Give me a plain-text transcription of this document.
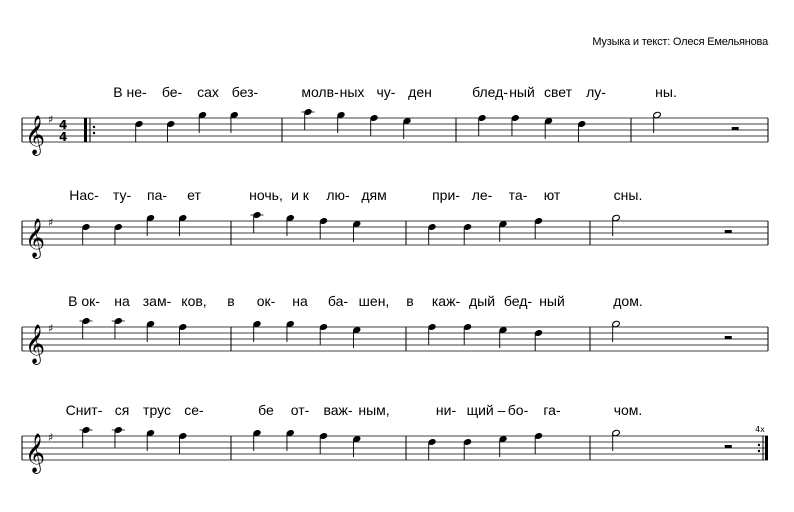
Музыка и текст: Олеся Емельянова
В не- бе- сах без-	молв- ных чу- ден	блед- ный свет лу-	ны.
𝄞 ♯ 4
4
Нас- ту- па- ет	ночь, и к лю- дям	при- ле- та- ют	сны.
𝄞 ♯
В ок- на зам- ков, в ок- на ба- шен, в каж- дый бед- ный	дом.
𝄞 ♯
Снит- ся трус се-	бе от- важ- ным,	ни- щий – бо- га-	чом.
𝄞 ♯
4x
